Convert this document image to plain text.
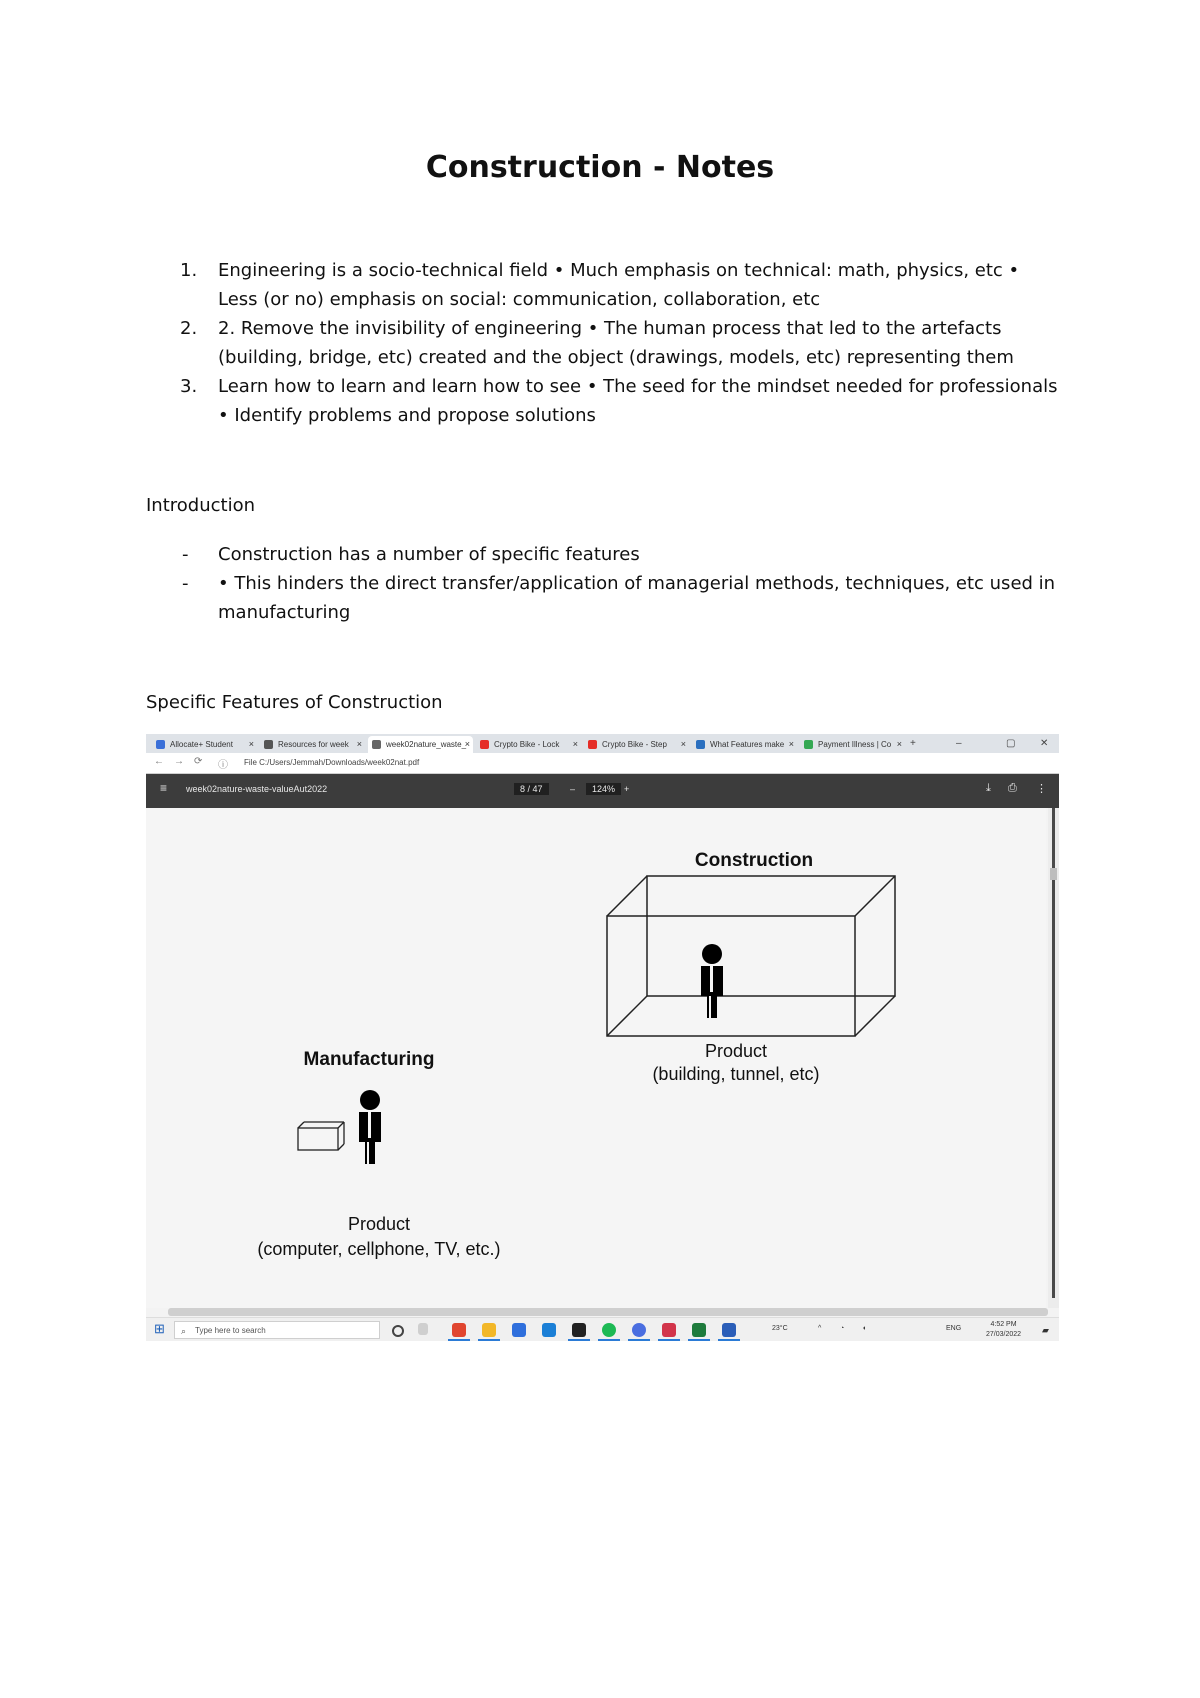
Construction - Notes
1. Engineering is a socio-technical field • Much emphasis on technical: math, physics, etc • Less (or no) emphasis on social: communication, collaboration, etc
2. 2. Remove the invisibility of engineering • The human process that led to the artefacts (building, bridge, etc) created and the object (drawings, models, etc) representing them
3. Learn how to learn and learn how to see • The seed for the mindset needed for professionals • Identify problems and propose solutions
Introduction
- Construction has a number of specific features
- • This hinders the direct transfer/application of managerial methods, techniques, etc used in manufacturing
Specific Features of Construction
Allocate+ Student ×	Resources for week ×	week02nature_waste_
×	Crypto Bike - Lock ×	Crypto Bike - Step ×	What Features make ×	Payment Illness | Co × +	–	▢ ✕
← → ⟳ ⓘ File C:/Users/Jemmah/Downloads/week02nat.pdf
≡ week02nature-waste-valueAut2022	8 / 47	–	124% +	⤓ ⎙ ⋮
Construction
Product
(building, tunnel, etc)
Manufacturing
Product
(computer, cellphone, TV, etc.)
⊞ ⌕ Type here to search	23°C	^	◔	◖	ENG
4:52 PM
27/03/2022 ▰
